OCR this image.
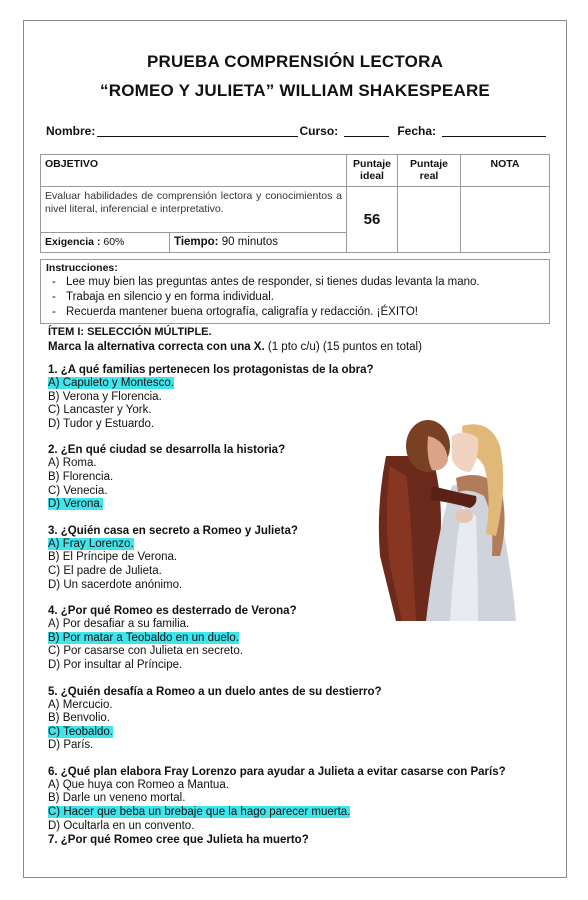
PRUEBA COMPRENSIÓN LECTORA
“ROMEO Y JULIETA” WILLIAM SHAKESPEARE
Nombre:	Curso:	Fecha:
OBJETIVO		Puntaje ideal	Puntaje real	NOTA
Evaluar habilidades de comprensión lectora y conocimientos a nivel literal, inferencial e interpretativo.		56		
Exigencia : 60%	Tiempo: 90 minutos			
Instrucciones:
- Lee muy bien las preguntas antes de responder, si tienes dudas levanta la mano.
- Trabaja en silencio y en forma individual.
- Recuerda mantener buena ortografía, caligrafía y redacción. ¡ÉXITO!
ÍTEM I: SELECCIÓN MÚLTIPLE.
Marca la alternativa correcta con una X. (1 pto c/u) (15 puntos en total)
1. ¿A qué familias pertenecen los protagonistas de la obra?
A) Capuleto y Montesco.
B) Verona y Florencia.
C) Lancaster y York.
D) Tudor y Estuardo.
2. ¿En qué ciudad se desarrolla la historia?
A) Roma.
B) Florencia.
C) Venecia.
D) Verona.
3. ¿Quién casa en secreto a Romeo y Julieta?
A) Fray Lorenzo.
B) El Príncipe de Verona.
C) El padre de Julieta.
D) Un sacerdote anónimo.
4. ¿Por qué Romeo es desterrado de Verona?
A) Por desafiar a su familia.
B) Por matar a Teobaldo en un duelo.
C) Por casarse con Julieta en secreto.
D) Por insultar al Príncipe.
5. ¿Quién desafía a Romeo a un duelo antes de su destierro?
A) Mercucio.
B) Benvolio.
C) Teobaldo.
D) París.
6. ¿Qué plan elabora Fray Lorenzo para ayudar a Julieta a evitar casarse con París?
A) Que huya con Romeo a Mantua.
B) Darle un veneno mortal.
C) Hacer que beba un brebaje que la hago parecer muerta.
D) Ocultarla en un convento.
7. ¿Por qué Romeo cree que Julieta ha muerto?
